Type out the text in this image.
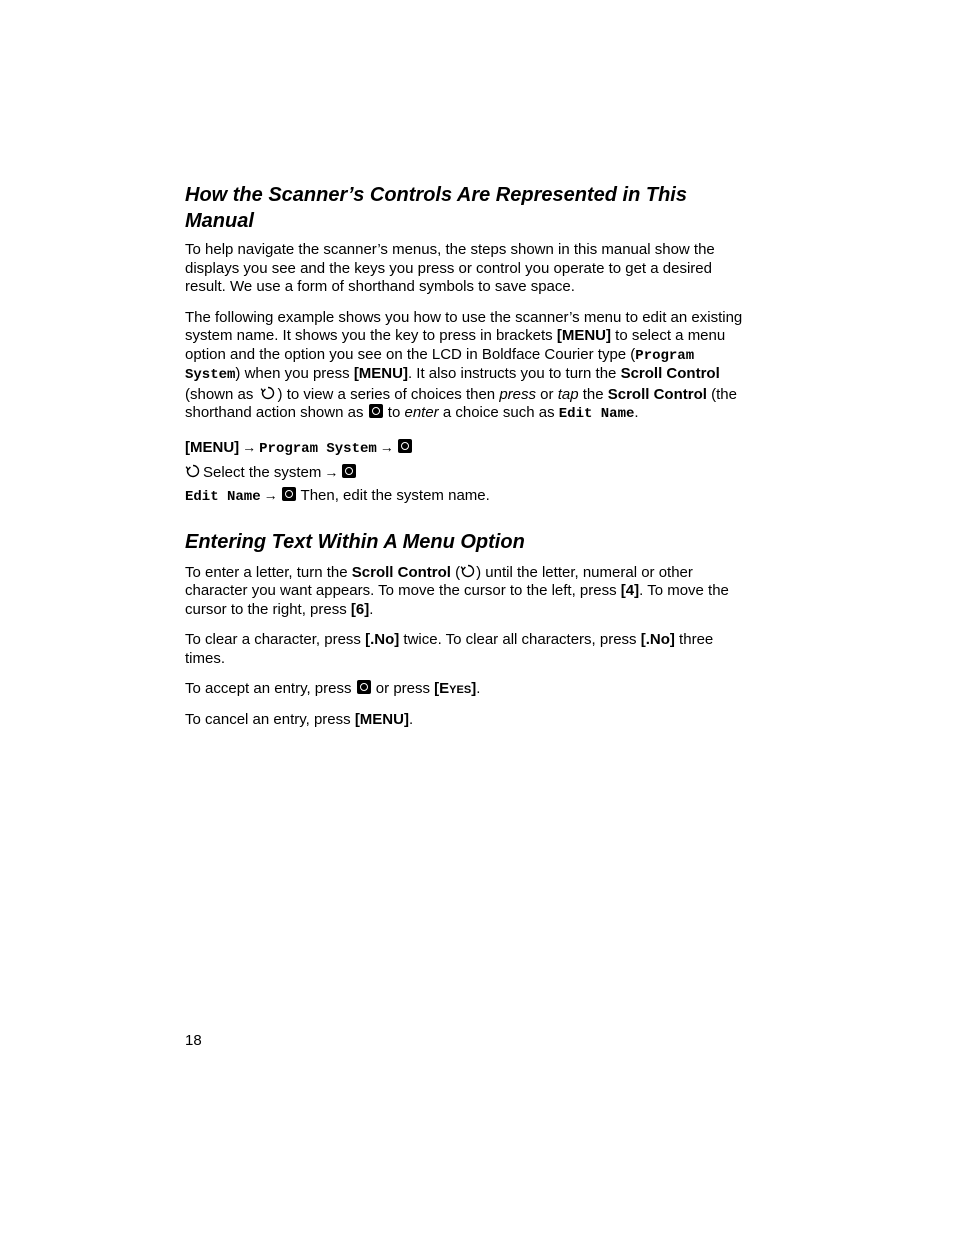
How the Scanner’s Controls Are Represented in This Manual

To help navigate the scanner’s menus, the steps shown in this manual show the displays you see and the keys you press or control you operate to get a desired result. We use a form of shorthand symbols to save space.

The following example shows you how to use the scanner’s menu to edit an existing system name. It shows you the key to press in brackets [MENU] to select a menu option and the option you see on the LCD in Boldface Courier type (Program System) when you press [MENU]. It also instructs you to turn the Scroll Control (shown as ) to view a series of choices then press or tap the Scroll Control (the shorthand action shown as  to enter a choice such as Edit Name.

[MENU] → Program System →
Select the system →
Edit Name → Then, edit the system name.
Entering Text Within A Menu Option

To enter a letter, turn the Scroll Control ( ) until the letter, numeral or other character you want appears. To move the cursor to the left, press [4]. To move the cursor to the right, press [6].

To clear a character, press [.No] twice. To clear all characters, press [.No] three times.

To accept an entry, press  or press [Eyes].

To cancel an entry, press [MENU].

18
